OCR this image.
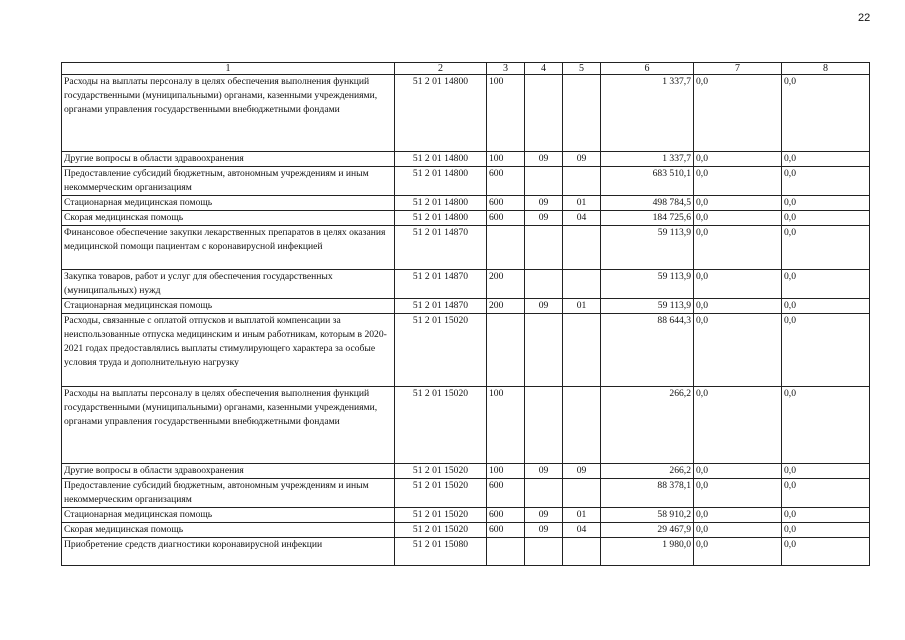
22
1	2	3	4	5	6	7	8
Расходы на выплаты персоналу в целях обеспечения выполнения функций государственными (муниципальными) органами, казенными учреждениями, органами управления государственными внебюджетными фондами	51 2 01 14800	100			1 337,7	0,0	0,0
Другие вопросы в области здравоохранения	51 2 01 14800	100	09	09	1 337,7	0,0	0,0
Предоставление субсидий бюджетным, автономным учреждениям и иным некоммерческим организациям	51 2 01 14800	600			683 510,1	0,0	0,0
Стационарная медицинская помощь	51 2 01 14800	600	09	01	498 784,5	0,0	0,0
Скорая медицинская помощь	51 2 01 14800	600	09	04	184 725,6	0,0	0,0
Финансовое обеспечение закупки лекарственных препаратов в целях оказания медицинской помощи пациентам с коронавирусной инфекцией	51 2 01 14870				59 113,9	0,0	0,0
Закупка товаров, работ и услуг для обеспечения государственных (муниципальных) нужд	51 2 01 14870	200			59 113,9	0,0	0,0
Стационарная медицинская помощь	51 2 01 14870	200	09	01	59 113,9	0,0	0,0
Расходы, связанные с оплатой отпусков и выплатой компенсации за неиспользованные отпуска медицинским и иным работникам, которым в 2020-2021 годах предоставлялись выплаты стимулирующего характера за особые условия труда и дополнительную нагрузку	51 2 01 15020				88 644,3	0,0	0,0
Расходы на выплаты персоналу в целях обеспечения выполнения функций государственными (муниципальными) органами, казенными учреждениями, органами управления государственными внебюджетными фондами	51 2 01 15020	100			266,2	0,0	0,0
Другие вопросы в области здравоохранения	51 2 01 15020	100	09	09	266,2	0,0	0,0
Предоставление субсидий бюджетным, автономным учреждениям и иным некоммерческим организациям	51 2 01 15020	600			88 378,1	0,0	0,0
Стационарная медицинская помощь	51 2 01 15020	600	09	01	58 910,2	0,0	0,0
Скорая медицинская помощь	51 2 01 15020	600	09	04	29 467,9	0,0	0,0
Приобретение средств диагностики коронавирусной инфекции	51 2 01 15080				1 980,0	0,0	0,0
